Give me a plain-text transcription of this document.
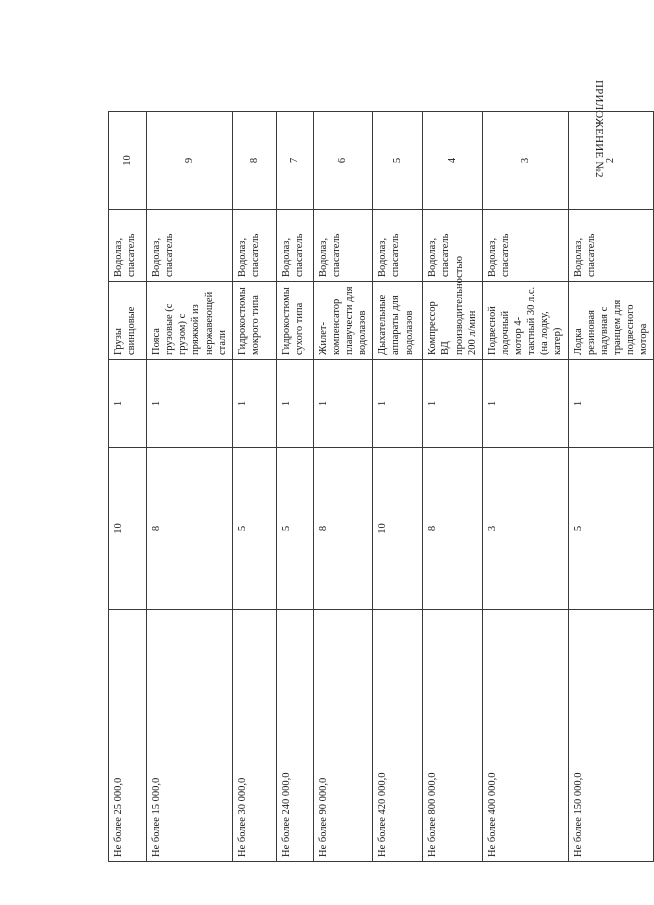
ПРИЛОЖЕНИЕ №2
Не более 25 000,0	10	1	Грузы свинцовые	Водолаз, спасатель	10
Не более 15 000,0	8	1	Пояса грузовые (с грузом) с пряжкой из нержавеющей стали	Водолаз, спасатель	9
Не более 30 000,0	5	1	Гидрокостюмы мокрого типа	Водолаз, спасатель	8
Не более 240 000,0	5	1	Гидрокостюмы сухого типа	Водолаз, спасатель	7
Не более 90 000,0	8	1	Жилет- компенсатор плавучести для водолазов	Водолаз, спасатель	6
Не более 420 000,0	10	1	Дыхательные аппараты для водолазов	Водолаз, спасатель	5
Не более 800 000,0	8	1	Компрессор ВД производительностью 200 л/мин	Водолаз, спасатель	4
Не более 400 000,0	3	1	Подвесной лодочный мотор 4- тактный 30 л.с. (на лодку, катер)	Водолаз, спасатель	3
Не более 150 000,0	5	1	Лодка резиновая надувная с транцем для подвесного мотора	Водолаз, спасатель	2
